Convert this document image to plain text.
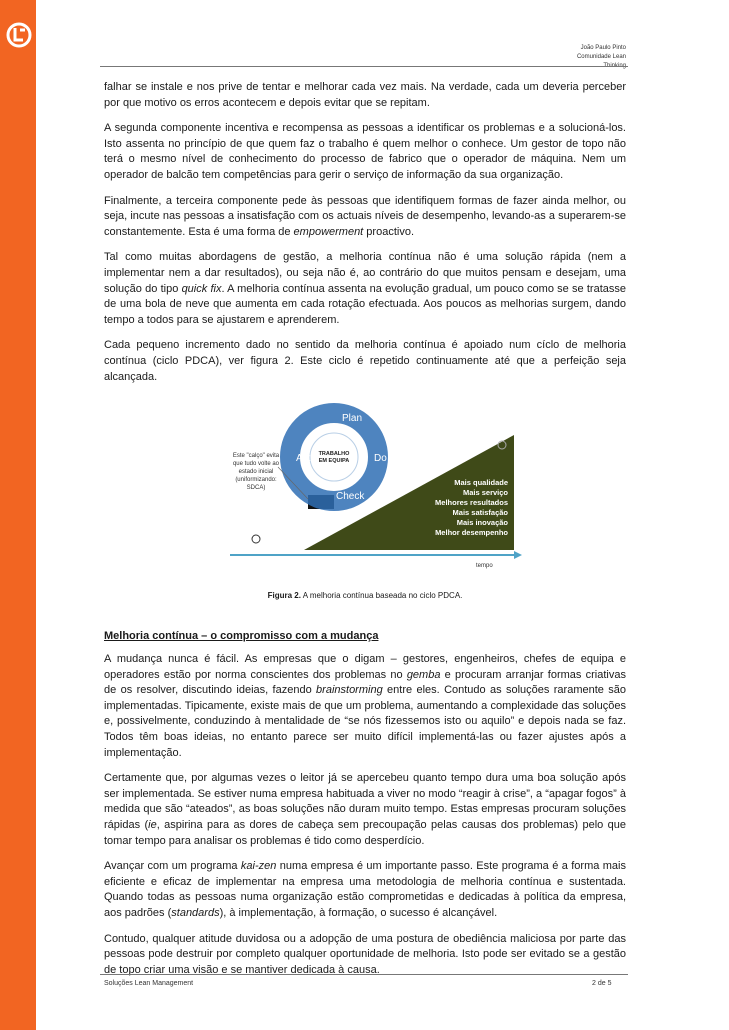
João Paulo Pinto
Comunidade Lean Thinking

falhar se instale e nos prive de tentar e melhorar cada vez mais. Na verdade, cada um deveria perceber por que motivo os erros acontecem e depois evitar que se repitam.

A segunda componente incentiva e recompensa as pessoas a identificar os problemas e a solucioná-los. Isto assenta no princípio de que quem faz o trabalho é quem melhor o conhece. Um gestor de topo não terá o mesmo nível de conhecimento do processo de fabrico que o operador de máquina. Nem um operador de balcão tem competências para gerir o serviço de informação da sua organização.

Finalmente, a terceira componente pede às pessoas que identifiquem formas de fazer ainda melhor, ou seja, incute nas pessoas a insatisfação com os actuais níveis de desempenho, levando-as a superarem-se constantemente. Esta é uma forma de empowerment proactivo.

Tal como muitas abordagens de gestão, a melhoria contínua não é uma solução rápida (nem a implementar nem a dar resultados), ou seja não é, ao contrário do que muitos pensam e desejam, uma solução do tipo quick fix. A melhoria contínua assenta na evolução gradual, um pouco como se se tratasse de uma bola de neve que aumenta em cada rotação efectuada. Aos poucos as melhorias surgem, dando tempo a todos para se ajustarem e aprenderem.

Cada pequeno incremento dado no sentido da melhoria contínua é apoiado num cíclo de melhoria contínua (ciclo PDCA), ver figura 2. Este ciclo é repetido continuamente até que a perfeição seja alcançada.

tempo
TRABALHO
EM EQUIPA
Plan
Do
Check
Act
Este "calço" evita
que tudo volte ao
estado inicial
(uniformizando:
SDCA)
Mais qualidade
Mais serviço
Melhores resultados
Mais satisfação
Mais inovação
Melhor desempenho
Figura 2. A melhoria contínua baseada no ciclo PDCA.
Melhoria contínua – o compromisso com a mudança

A mudança nunca é fácil. As empresas que o digam – gestores, engenheiros, chefes de equipa e operadores estão por norma conscientes dos problemas no gemba e procuram arranjar formas criativas de os resolver, discutindo ideias, fazendo brainstorming entre eles. Contudo as soluções raramente são implementadas. Tipicamente, existe mais de que um problema, aumentando a complexidade das soluções e, possivelmente, conduzindo à mentalidade de “se nós fizessemos isto ou aquilo” e depois nada se faz. Todos têm boas ideias, no entanto parece ser muito difícil implementá-las ou fazer ajustes após a implementação.

Certamente que, por algumas vezes o leitor já se apercebeu quanto tempo dura uma boa solução após ser implementada. Se estiver numa empresa habituada a viver no modo “reagir à crise”, a “apagar fogos” à medida que são “ateados”, as boas soluções não duram muito tempo. Estas empresas procuram soluções rápidas (ie, aspirina para as dores de cabeça sem precoupação pelas causas dos problemas) pelo que tomar tempo para analisar os problemas é tido como desperdício.

Avançar com um programa kai-zen numa empresa é um importante passo. Este programa é a forma mais eficiente e eficaz de implementar na empresa uma metodologia de melhoria contínua e sustentada. Quando todas as pessoas numa organização estão comprometidas e dedicadas à política da empresa, aos padrões (standards), à implementação, à formação, o sucesso é alcançável.

Contudo, qualquer atitude duvidosa ou a adopção de uma postura de obediência maliciosa por parte das pessoas pode destruir por completo qualquer oportunidade de melhoria. Isto pode ser evitado se a gestão de topo criar uma visão e se mantiver dedicada à causa.

Soluções Lean Management	2 de 5
